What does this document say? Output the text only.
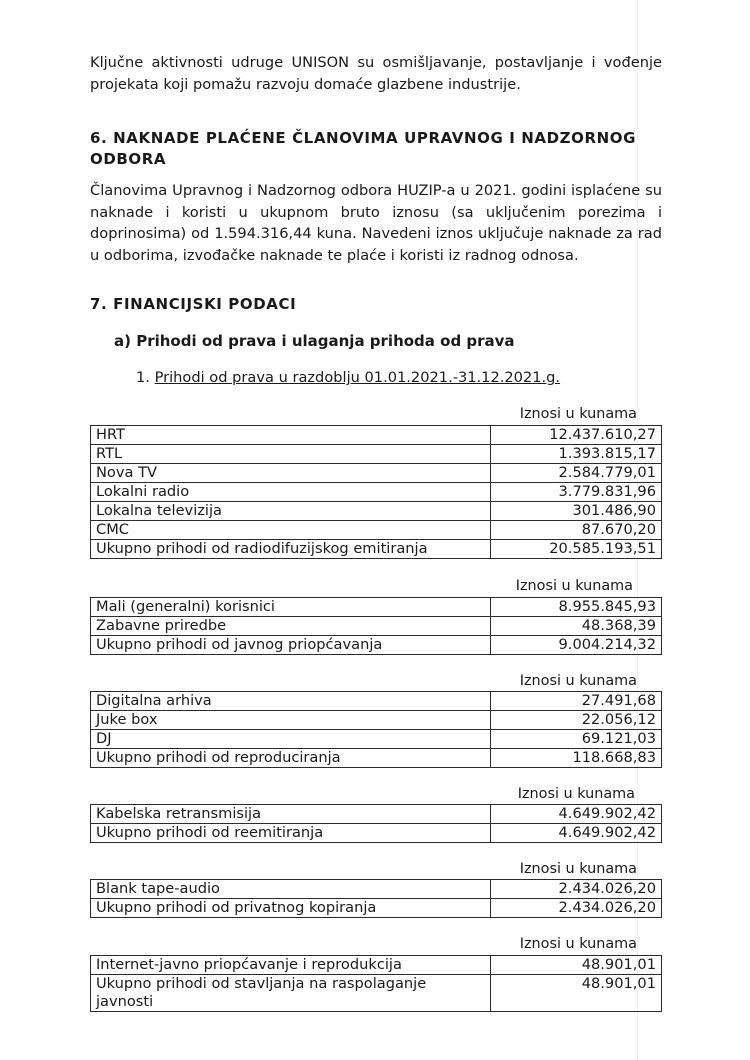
Ključne aktivnosti udruge UNISON su osmišljavanje, postavljanje i vođenje projekata koji pomažu razvoju domaće glazbene industrije.

6. NAKNADE PLAĆENE ČLANOVIMA UPRAVNOG I NADZORNOG ODBORA

Članovima Upravnog i Nadzornog odbora HUZIP-a u 2021. godini isplaćene su naknade i koristi u ukupnom bruto iznosu (sa uključenim porezima i doprinosima) od 1.594.316,44 kuna. Navedeni iznos uključuje naknade za rad u odborima, izvođačke naknade te plaće i koristi iz radnog odnosa.

7. FINANCIJSKI PODACI

a) Prihodi od prava i ulaganja prihoda od prava

1. Prihodi od prava u razdoblju 01.01.2021.-31.12.2021.g.

Iznosi u kunama
HRT	12.437.610,27
RTL	1.393.815,17
Nova TV	2.584.779,01
Lokalni radio	3.779.831,96
Lokalna televizija	301.486,90
CMC	87.670,20
Ukupno prihodi od radiodifuzijskog emitiranja	20.585.193,51
Iznosi u kunama
Mali (generalni) korisnici	8.955.845,93
Zabavne priredbe	48.368,39
Ukupno prihodi od javnog priopćavanja	9.004.214,32
Iznosi u kunama
Digitalna arhiva	27.491,68
Juke box	22.056,12
DJ	69.121,03
Ukupno prihodi od reproduciranja	118.668,83
Iznosi u kunama
Kabelska retransmisija	4.649.902,42
Ukupno prihodi od reemitiranja	4.649.902,42
Iznosi u kunama
Blank tape-audio	2.434.026,20
Ukupno prihodi od privatnog kopiranja	2.434.026,20
Iznosi u kunama
Internet-javno priopćavanje i reprodukcija	48.901,01
Ukupno prihodi od stavljanja na raspolaganje javnosti	48.901,01
